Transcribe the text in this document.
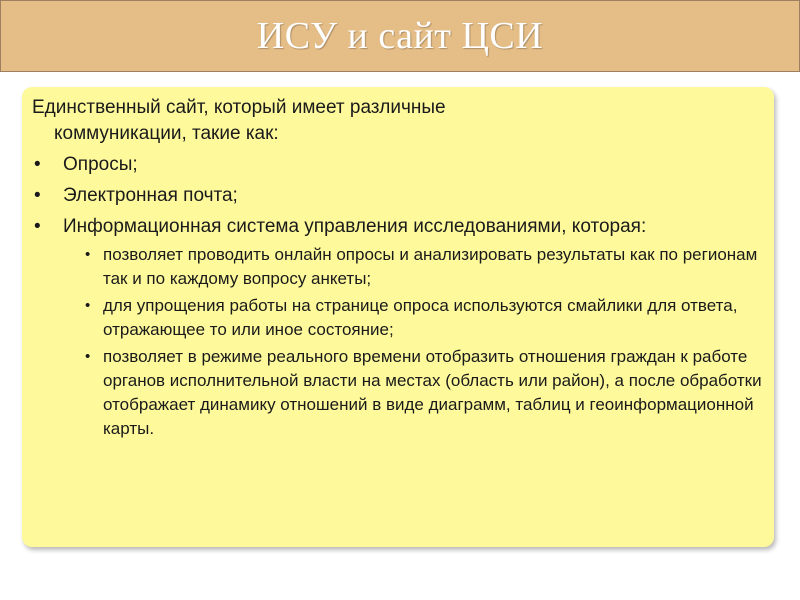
ИСУ и сайт ЦСИ
Единственный сайт, который имеет различные
коммуникации, такие как:
• Опросы;
• Электронная почта;
• Информационная система управления исследованиями, которая:
• позволяет проводить онлайн опросы и анализировать результаты как по регионам так и по каждому вопросу анкеты;
• для упрощения работы на странице опроса используются смайлики для ответа, отражающее то или иное состояние;
• позволяет в режиме реального времени отобразить отношения граждан к работе органов исполнительной власти на местах (область или район), а после обработки отображает динамику отношений в виде диаграмм, таблиц и геоинформационной карты.
